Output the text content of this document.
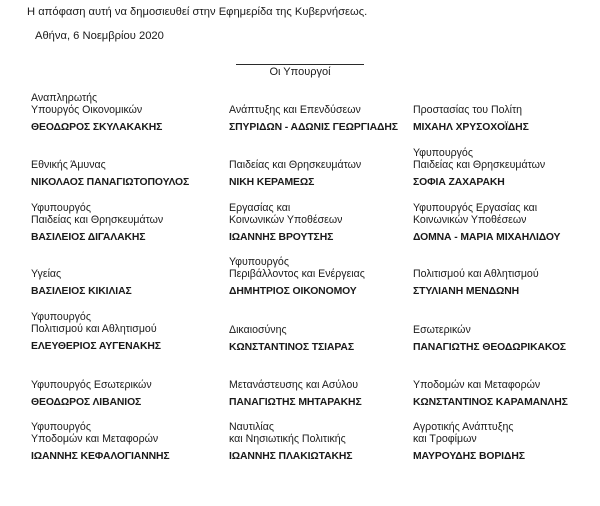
Η απόφαση αυτή να δημοσιευθεί στην Εφημερίδα της Κυβερνήσεως.
Αθήνα, 6 Νοεμβρίου 2020
Οι Υπουργοί
Αναπληρωτής
Υπουργός Οικονομικών
ΘΕΟΔΩΡΟΣ ΣΚΥΛΑΚΑΚΗΣ
Ανάπτυξης και Επενδύσεων
ΣΠΥΡΙΔΩΝ - ΑΔΩΝΙΣ ΓΕΩΡΓΙΑΔΗΣ
Προστασίας του Πολίτη
ΜΙΧΑΗΛ ΧΡΥΣΟΧΟΪΔΗΣ
Εθνικής Άμυνας
ΝΙΚΟΛΑΟΣ ΠΑΝΑΓΙΩΤΟΠΟΥΛΟΣ
Παιδείας και Θρησκευμάτων
ΝΙΚΗ ΚΕΡΑΜΕΩΣ
Υφυπουργός
Παιδείας και Θρησκευμάτων
ΣΟΦΙΑ ΖΑΧΑΡΑΚΗ
Υφυπουργός
Παιδείας και Θρησκευμάτων
ΒΑΣΙΛΕΙΟΣ ΔΙΓΑΛΑΚΗΣ
Εργασίας και
Κοινωνικών Υποθέσεων
ΙΩΑΝΝΗΣ ΒΡΟΥΤΣΗΣ
Υφυπουργός Εργασίας και
Κοινωνικών Υποθέσεων
ΔΟΜΝΑ - ΜΑΡΙΑ ΜΙΧΑΗΛΙΔΟΥ
Υγείας
ΒΑΣΙΛΕΙΟΣ ΚΙΚΙΛΙΑΣ
Υφυπουργός
Περιβάλλοντος και Ενέργειας
ΔΗΜΗΤΡΙΟΣ ΟΙΚΟΝΟΜΟΥ
Πολιτισμού και Αθλητισμού
ΣΤΥΛΙΑΝΗ ΜΕΝΔΩΝΗ
Υφυπουργός
Πολιτισμού και Αθλητισμού
ΕΛΕΥΘΕΡΙΟΣ ΑΥΓΕΝΑΚΗΣ
Δικαιοσύνης
ΚΩΝΣΤΑΝΤΙΝΟΣ ΤΣΙΑΡΑΣ
Εσωτερικών
ΠΑΝΑΓΙΩΤΗΣ ΘΕΟΔΩΡΙΚΑΚΟΣ
Υφυπουργός Εσωτερικών
ΘΕΟΔΩΡΟΣ ΛΙΒΑΝΙΟΣ
Μετανάστευσης και Ασύλου
ΠΑΝΑΓΙΩΤΗΣ ΜΗΤΑΡΑΚΗΣ
Υποδομών και Μεταφορών
ΚΩΝΣΤΑΝΤΙΝΟΣ ΚΑΡΑΜΑΝΛΗΣ
Υφυπουργός
Υποδομών και Μεταφορών
ΙΩΑΝΝΗΣ ΚΕΦΑΛΟΓΙΑΝΝΗΣ
Ναυτιλίας
και Νησιωτικής Πολιτικής
ΙΩΑΝΝΗΣ ΠΛΑΚΙΩΤΑΚΗΣ
Αγροτικής Ανάπτυξης
και Τροφίμων
ΜΑΥΡΟΥΔΗΣ ΒΟΡΙΔΗΣ
